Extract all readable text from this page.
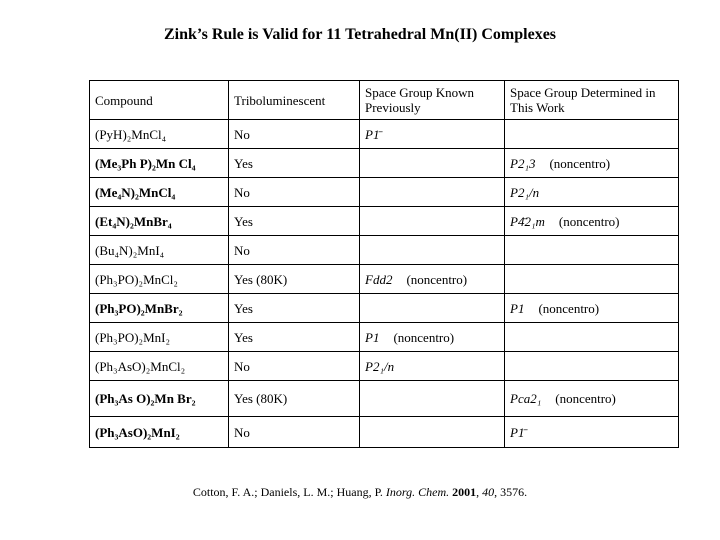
Zink’s Rule is Valid for 11 Tetrahedral Mn(II) Complexes
Compound	Triboluminescent	Space Group Known Previously	Space Group Determined in This Work
(PyH)₂MnCl₄	No	P1̄	
(Me₃Ph P)₂Mn Cl₄	Yes		P2₁3 (noncentro)
(Me₄N)₂MnCl₄	No		P2₁/n
(Et₄N)₂MnBr₄	Yes		P4̄2₁m (noncentro)
(Bu₄N)₂MnI₄	No		
(Ph₃PO)₂MnCl₂	Yes (80K)	Fdd2 (noncentro)	
(Ph₃PO)₂MnBr₂	Yes		P1 (noncentro)
(Ph₃PO)₂MnI₂	Yes	P1 (noncentro)	
(Ph₃AsO)₂MnCl₂	No	P2₁/n	
(Ph₃As O)₂Mn Br₂	Yes (80K)		Pca2₁ (noncentro)
(Ph₃AsO)₂MnI₂	No		P1̄
Cotton, F. A.; Daniels, L. M.; Huang, P. Inorg. Chem. 2001, 40, 3576.
